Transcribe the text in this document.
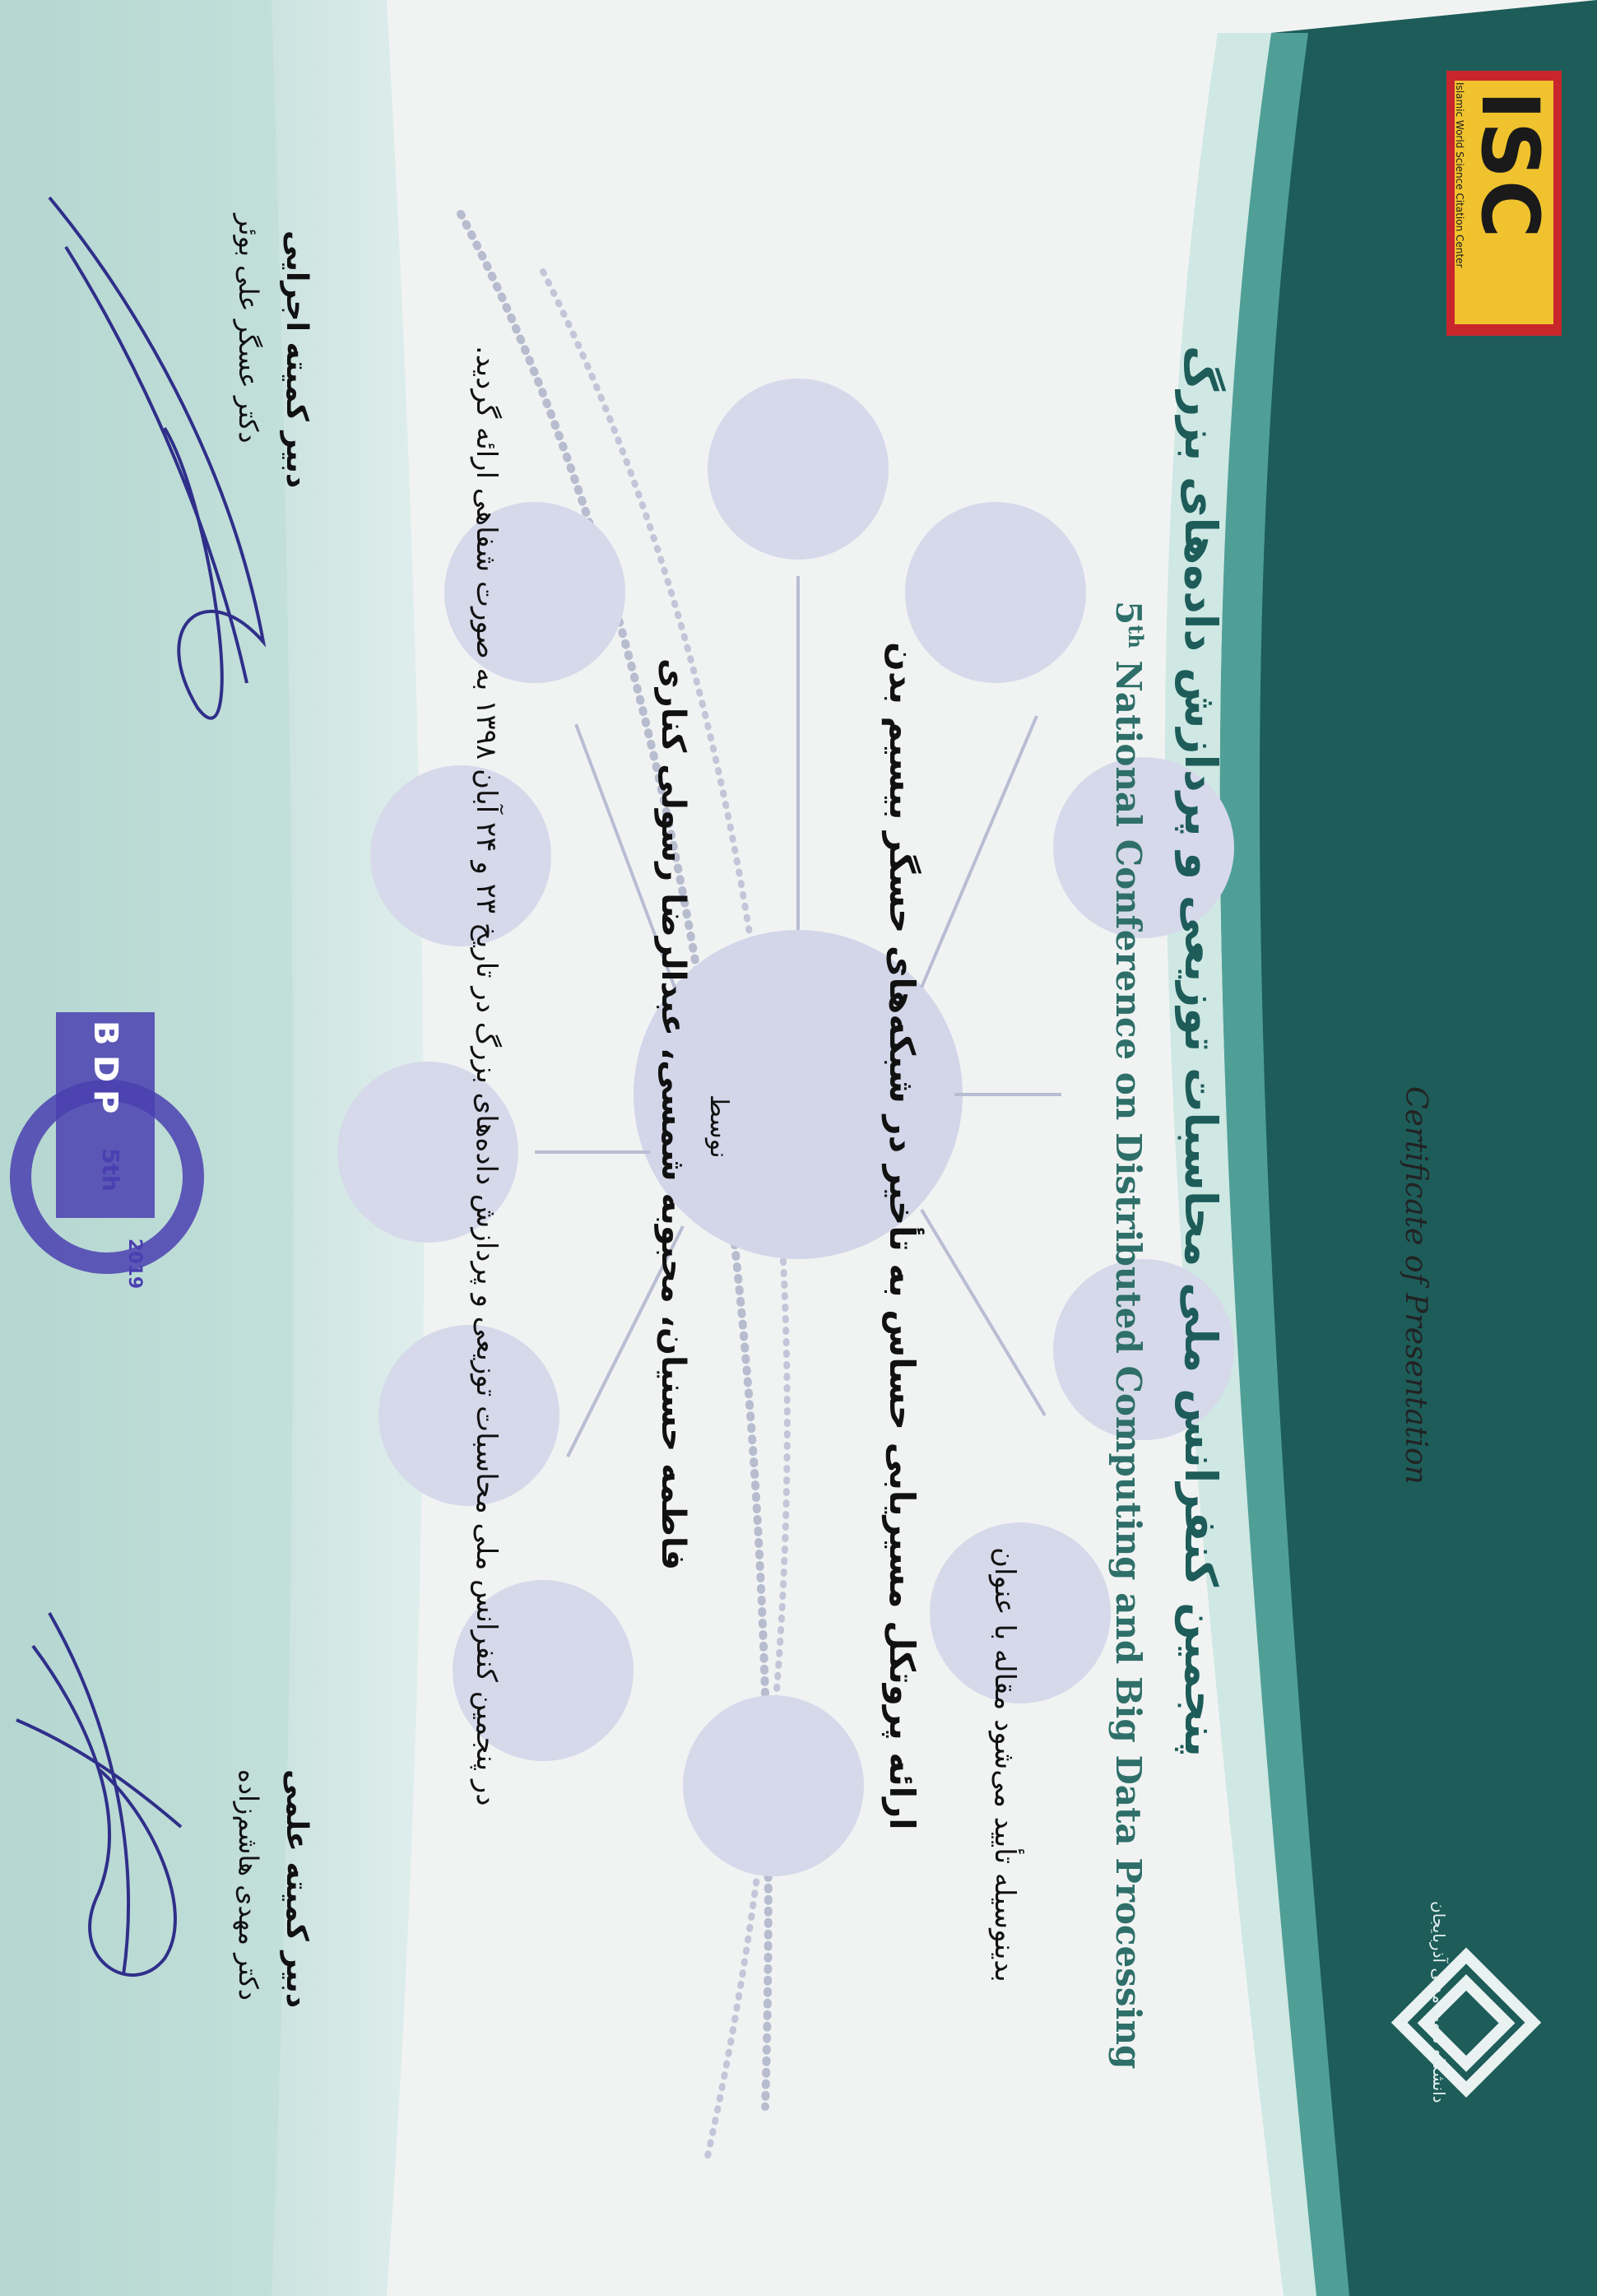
Certificate of Presentation
گواهی ارائه مقاله
پنجمین کنفرانس ملی محاسبات توزیعی و پردازش داده‌های بزرگ
5th National Conference on Distributed Computing and Big Data Processing
بدینوسیله تأیید می‌شود مقاله با عنوان
ارائه پروتکل مسیریابی حساس به تأخیر در شبکه‌های حسگر بیسیم بدن
نوسط
فاطمه حسنیان، محبوبه شمسی، عبدالرضا رسولی کناری
در پنجمین کنفرانس ملی محاسبات توزیعی و پردازش داده‌های بزرگ در تاریخ ۲۳ و ۲۴ آبان ۱۳۹۸ به صورت شفاهی ارائه گردید.
دبیر کمیته علمی
دکتر مهدی هاشم‌زاده
دبیر کمیته اجرایی
دکتر عسگر علی بوئر
دانشگاه شهید مدنی آذربایجان
ISC
Islamic World Science Citation Center
B
D
P
5th
2019
